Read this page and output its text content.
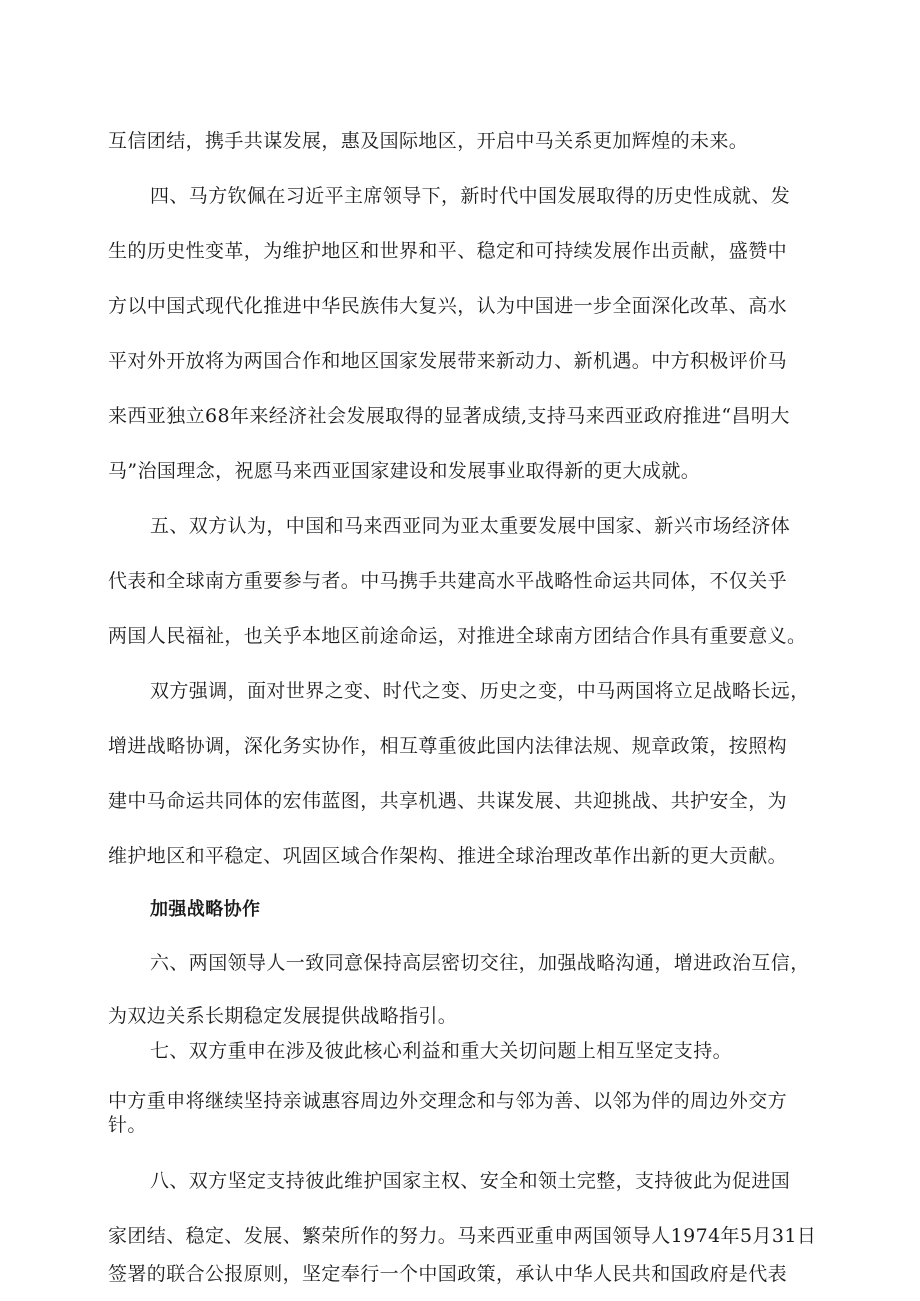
互信团结，携手共谋发展，惠及国际地区，开启中马关系更加辉煌的未来。
四、马方钦佩在习近平主席领导下，新时代中国发展取得的历史性成就、发
生的历史性变革，为维护地区和世界和平、稳定和可持续发展作出贡献，盛赞中
方以中国式现代化推进中华民族伟大复兴，认为中国进一步全面深化改革、高水
平对外开放将为两国合作和地区国家发展带来新动力、新机遇。中方积极评价马
来西亚独立68年来经济社会发展取得的显著成绩,支持马来西亚政府推进“昌明大
马”治国理念，祝愿马来西亚国家建设和发展事业取得新的更大成就。
五、双方认为，中国和马来西亚同为亚太重要发展中国家、新兴市场经济体
代表和全球南方重要参与者。中马携手共建高水平战略性命运共同体，不仅关乎
两国人民福祉，也关乎本地区前途命运，对推进全球南方团结合作具有重要意义。
双方强调，面对世界之变、时代之变、历史之变，中马两国将立足战略长远，
增进战略协调，深化务实协作，相互尊重彼此国内法律法规、规章政策，按照构
建中马命运共同体的宏伟蓝图，共享机遇、共谋发展、共迎挑战、共护安全，为
维护地区和平稳定、巩固区域合作架构、推进全球治理改革作出新的更大贡献。
加强战略协作
六、两国领导人一致同意保持高层密切交往，加强战略沟通，增进政治互信，
为双边关系长期稳定发展提供战略指引。
七、双方重申在涉及彼此核心利益和重大关切问题上相互坚定支持。
中方重申将继续坚持亲诚惠容周边外交理念和与邻为善、以邻为伴的周边外交方
针。
八、双方坚定支持彼此维护国家主权、安全和领土完整，支持彼此为促进国
家团结、稳定、发展、繁荣所作的努力。马来西亚重申两国领导人1974年5月31日
签署的联合公报原则，坚定奉行一个中国政策，承认中华人民共和国政府是代表
